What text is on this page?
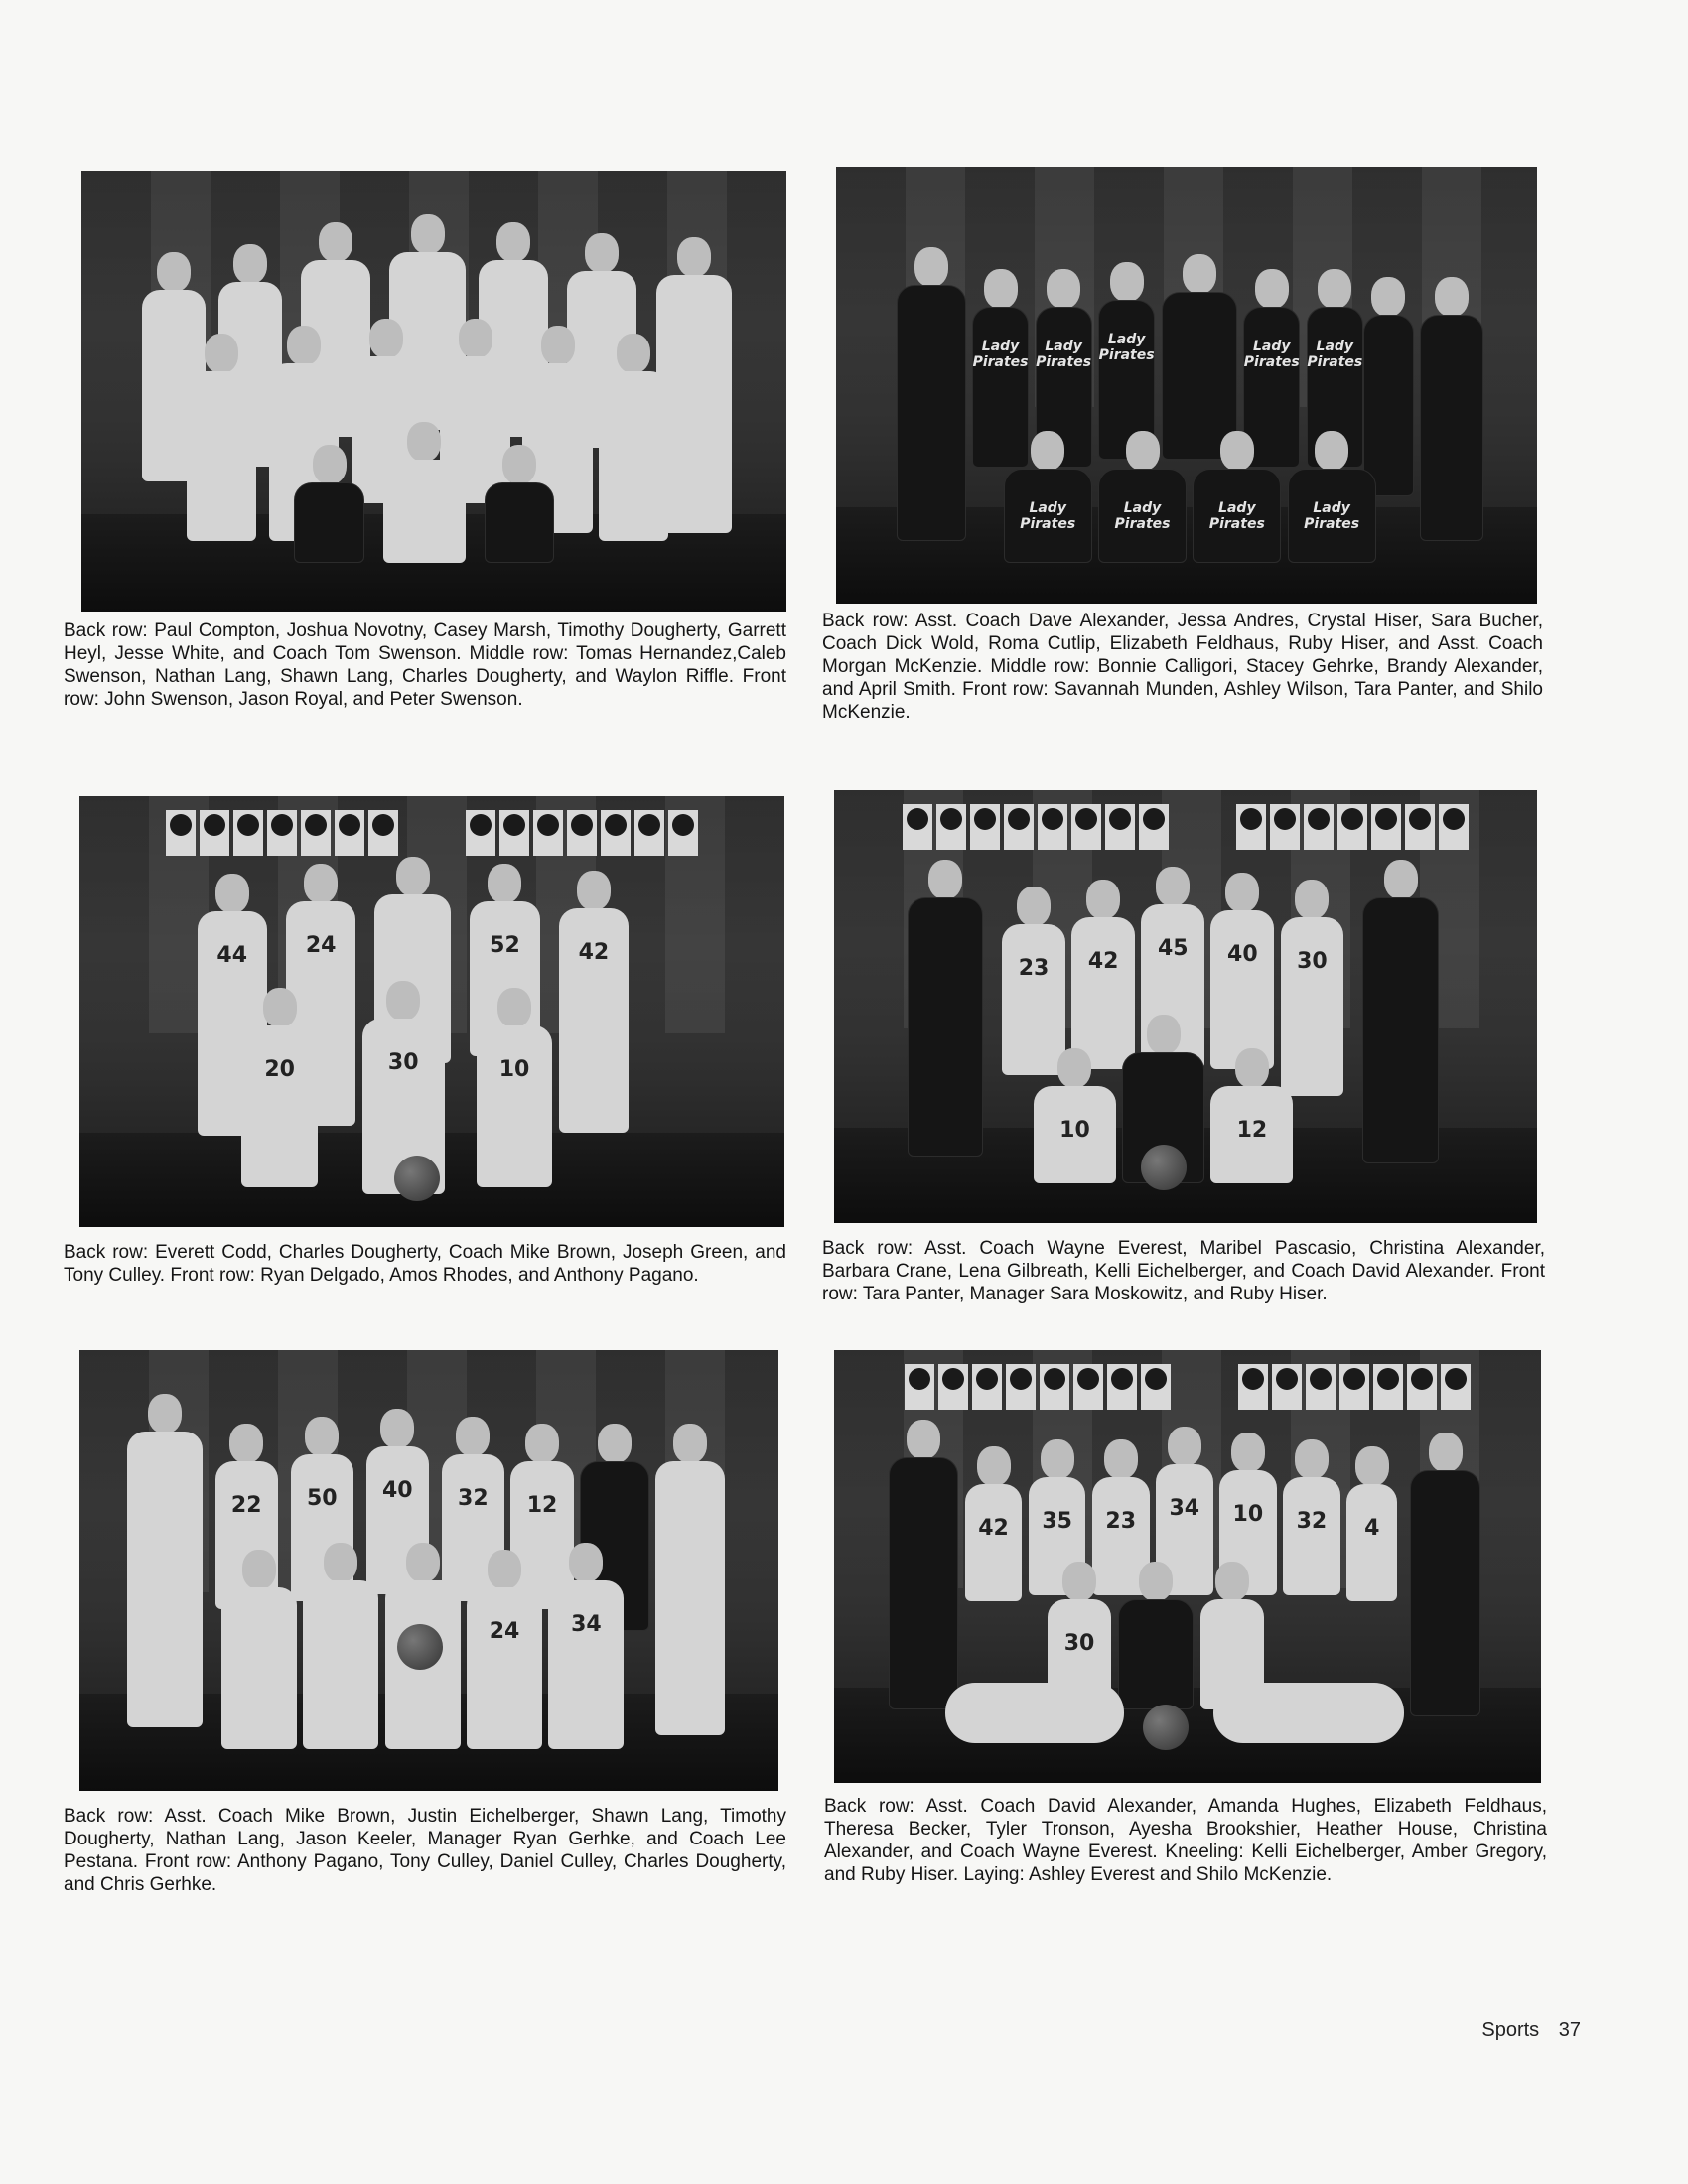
Back row: Paul Compton, Joshua Novotny, Casey Marsh, Timothy Dougherty, Garrett Heyl, Jesse White, and Coach Tom Swenson. Middle row: Tomas Hernandez,Caleb Swenson, Nathan Lang, Shawn Lang, Charles Dougherty, and Waylon Riffle. Front row: John Swenson, Jason Royal, and Peter Swenson.
Lady Pirates
Lady Pirates
Lady Pirates
Lady Pirates
Lady Pirates
Lady Pirates
Lady Pirates
Lady Pirates
Lady Pirates
Back row: Asst. Coach Dave Alexander, Jessa Andres, Crystal Hiser, Sara Bucher, Coach Dick Wold, Roma Cutlip, Elizabeth Feldhaus, Ruby Hiser, and Asst. Coach Morgan McKenzie. Middle row: Bonnie Calligori, Stacey Gehrke, Brandy Alexander, and April Smith. Front row: Savannah Munden, Ashley Wilson, Tara Panter, and Shilo McKenzie.
44	24	52	42
20	30	10
Back row: Everett Codd, Charles Dougherty, Coach Mike Brown, Joseph Green, and Tony Culley. Front row: Ryan Delgado, Amos Rhodes, and Anthony Pagano.
23	42
45	40	30
10	12
Back row: Asst. Coach Wayne Everest, Maribel Pascasio, Christina Alexander, Barbara Crane, Lena Gilbreath, Kelli Eichelberger, and Coach David Alexander. Front row: Tara Panter, Manager Sara Moskowitz, and Ruby Hiser.
22	50	40	32	12
24	34
Back row: Asst. Coach Mike Brown, Justin Eichelberger, Shawn Lang, Timothy Dougherty, Nathan Lang, Jason Keeler, Manager Ryan Gerhke, and Coach Lee Pestana. Front row: Anthony Pagano, Tony Culley, Daniel Culley, Charles Dougherty, and Chris Gerhke.
42	35	23
34	10	32	4
30
Back row: Asst. Coach David Alexander, Amanda Hughes, Elizabeth Feldhaus, Theresa Becker, Tyler Tronson, Ayesha Brookshier, Heather House, Christina Alexander, and Coach Wayne Everest. Kneeling: Kelli Eichelberger, Amber Gregory, and Ruby Hiser. Laying: Ashley Everest and Shilo McKenzie.
Sports 37
